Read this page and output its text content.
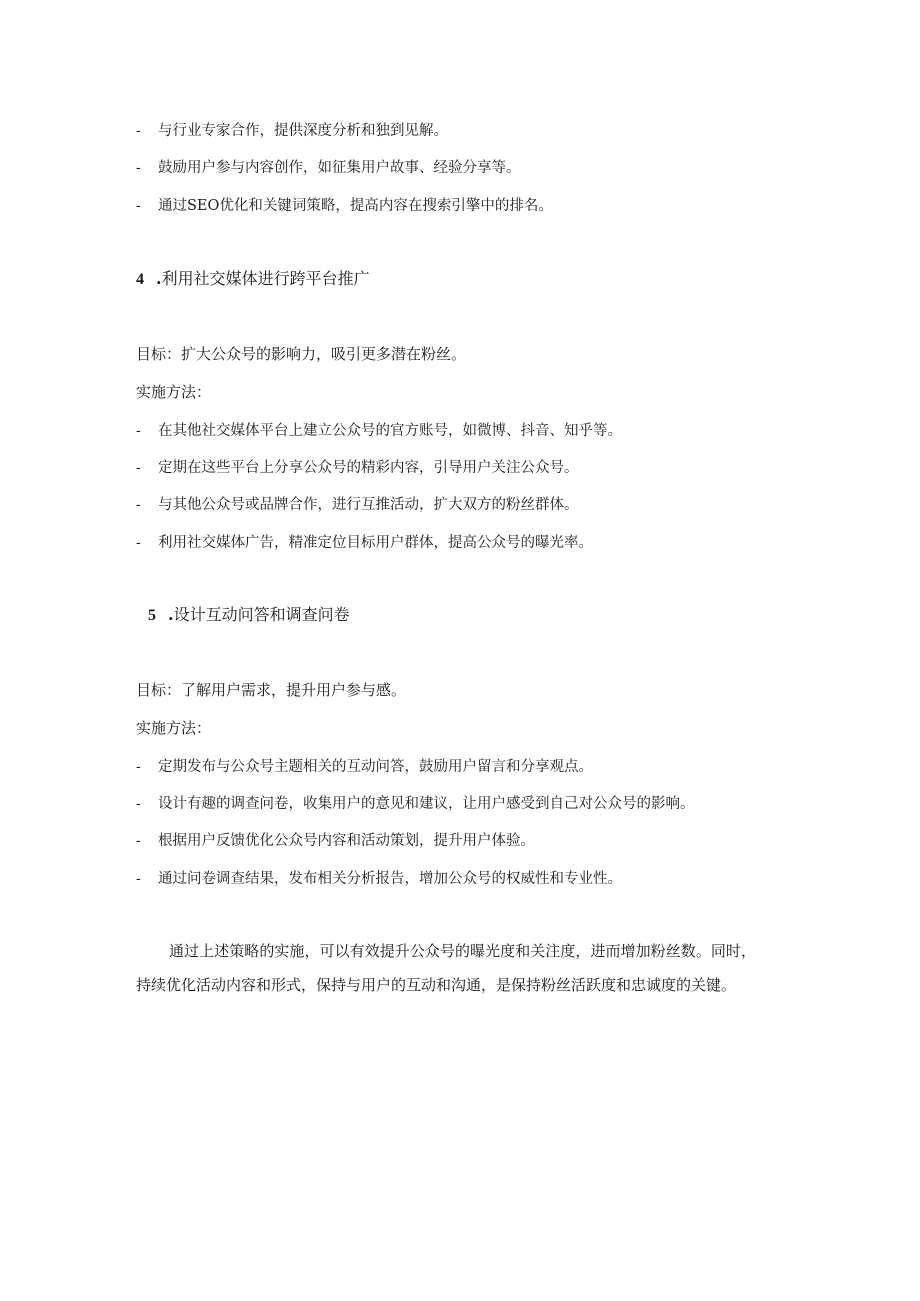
- 与行业专家合作，提供深度分析和独到见解。
- 鼓励用户参与内容创作，如征集用户故事、经验分享等。
- 通过SEO优化和关键词策略，提高内容在搜索引擎中的排名。
4 .利用社交媒体进行跨平台推广
目标：扩大公众号的影响力，吸引更多潜在粉丝。
实施方法：
- 在其他社交媒体平台上建立公众号的官方账号，如微博、抖音、知乎等。
- 定期在这些平台上分享公众号的精彩内容，引导用户关注公众号。
- 与其他公众号或品牌合作，进行互推活动，扩大双方的粉丝群体。
- 利用社交媒体广告，精准定位目标用户群体，提高公众号的曝光率。
5 .设计互动问答和调查问卷
目标：了解用户需求，提升用户参与感。
实施方法：
- 定期发布与公众号主题相关的互动问答，鼓励用户留言和分享观点。
- 设计有趣的调查问卷，收集用户的意见和建议，让用户感受到自己对公众号的影响。
- 根据用户反馈优化公众号内容和活动策划，提升用户体验。
- 通过问卷调查结果，发布相关分析报告，增加公众号的权威性和专业性。
通过上述策略的实施，可以有效提升公众号的曝光度和关注度，进而增加粉丝数。同时，持续优化活动内容和形式，保持与用户的互动和沟通，是保持粉丝活跃度和忠诚度的关键。
